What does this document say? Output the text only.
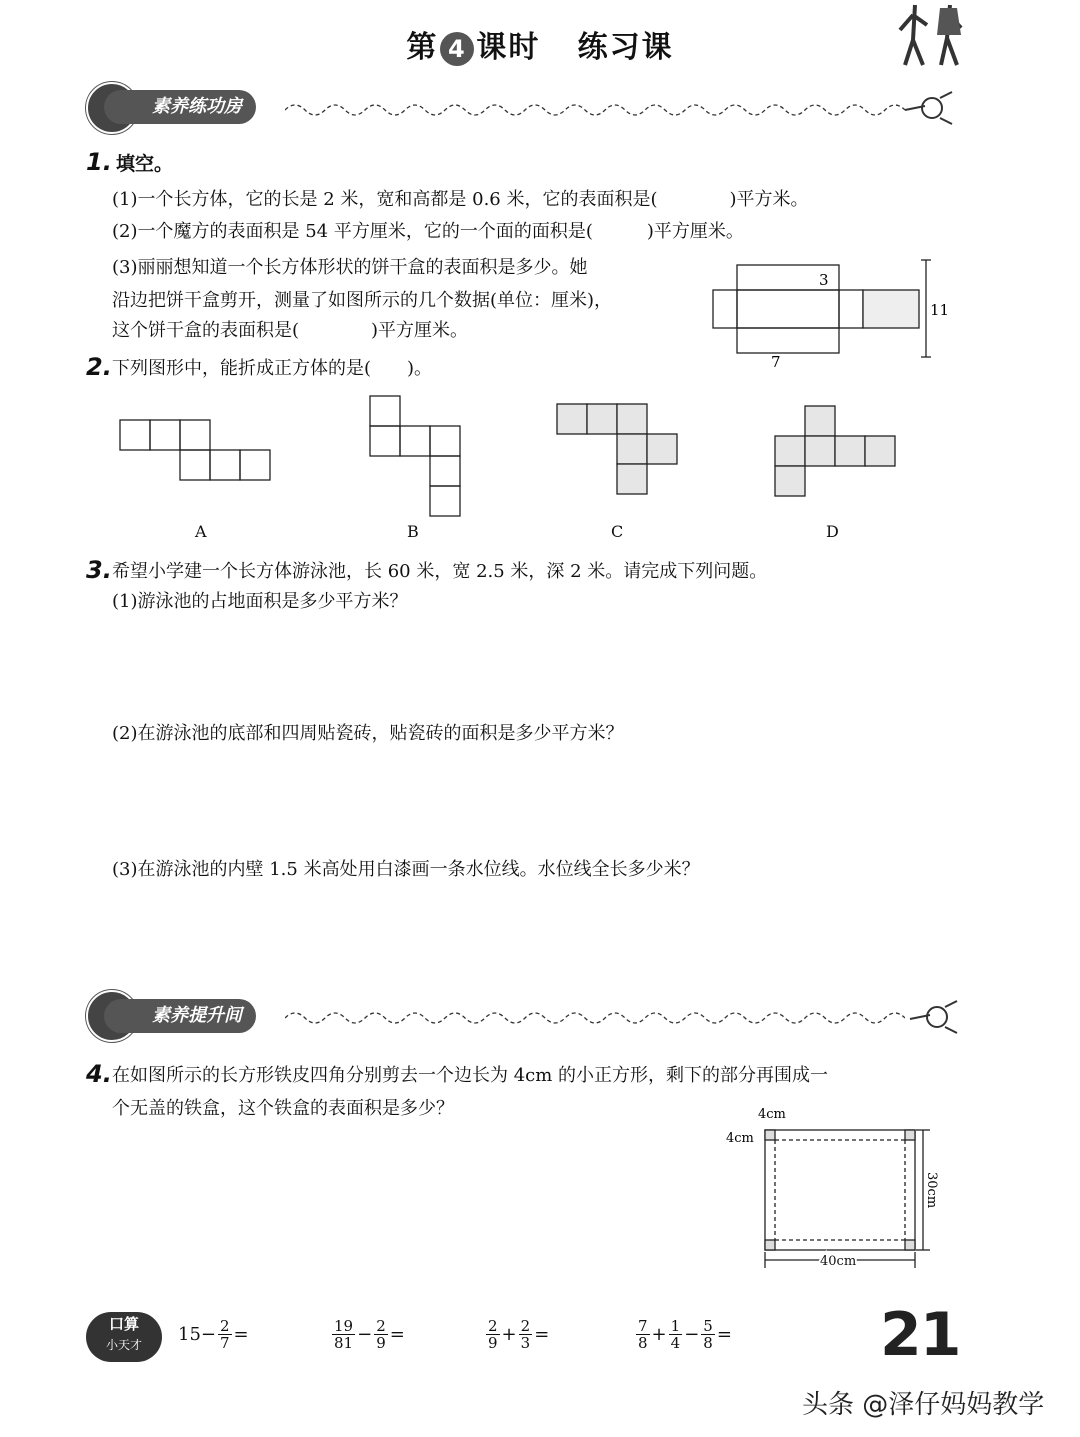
第 4 课时 练习课
素养练功房
1. 填空。
(1)一个长方体，它的长是 2 米，宽和高都是 0.6 米，它的表面积是(　　　　)平方米。
(2)一个魔方的表面积是 54 平方厘米，它的一个面的面积是(　　　)平方厘米。
(3)丽丽想知道一个长方体形状的饼干盒的表面积是多少。她
沿边把饼干盒剪开，测量了如图所示的几个数据(单位：厘米)，
这个饼干盒的表面积是(　　　　)平方厘米。
3
7
11
2. 下列图形中，能折成正方体的是(　　)。
A	B	C	D
3. 希望小学建一个长方体游泳池，长 60 米，宽 2.5 米，深 2 米。请完成下列问题。
(1)游泳池的占地面积是多少平方米？
(2)在游泳池的底部和四周贴瓷砖，贴瓷砖的面积是多少平方米？
(3)在游泳池的内壁 1.5 米高处用白漆画一条水位线。水位线全长多少米？
素养提升间
4. 在如图所示的长方形铁皮四角分别剪去一个边长为 4cm 的小正方形，剩下的部分再围成一
个无盖的铁盒，这个铁盒的表面积是多少？	4cm
4cm
40cm
30cm
口算
小天才	$15 - \frac{2}{7}$ =	$\frac{19}{81} - \frac{2}{9}$ =	$\frac{2}{9} + \frac{2}{3}$ =	$\frac{7}{8} + \frac{1}{4} - \frac{5}{8} = 21$
头条 @泽仔妈妈教学
